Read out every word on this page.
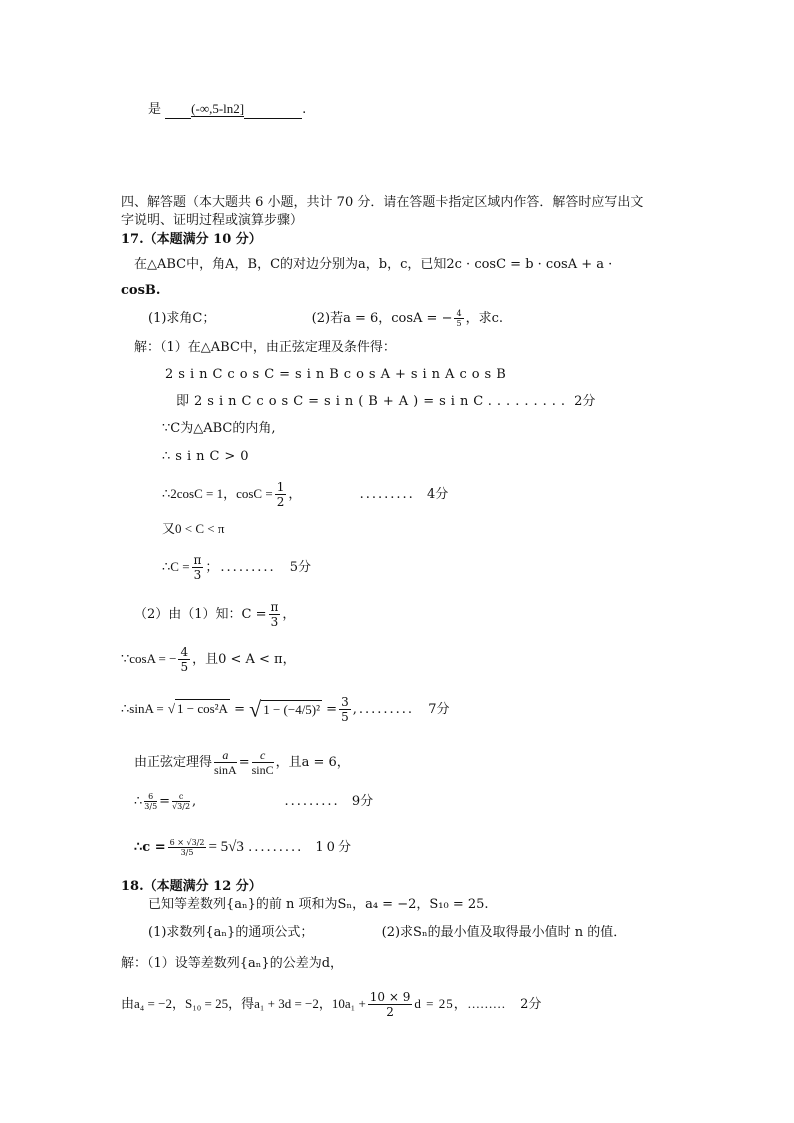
是 (-∞,5-ln2]	.
四、解答题（本大题共 6 小题，共计 70 分．请在答题卡指定区域内作答．解答时应写出文
字说明、证明过程或演算步骤）
17.（本题满分 10 分）
在△ABC中，角A，B，C的对边分别为a，b，c，已知2c · cosC = b · cosA + a ·
cosB.
(1)求角C；	(2)若a = 6，cosA = − $\frac{4}{5}$ ，求c.
解：（1）在△ABC中，由正弦定理及条件得：
2sinCcosC=sinBcosA+sinAcosB
即2sinCcosC=sin(B+A)=sinC......... 2分
∵C为△ABC的内角,
∴sinC>0
∴2cosC = 1，$\cos C = \frac{1}{2}$ ，	......... 4分
又0 < C < π
∴C = $\frac{\pi}{3}$ ；......... 5分
（2）由（1）知：$C = \frac{\pi}{3}$ ，
∵cosA = − $\frac{4}{5}$ ，且0 < A < π，
∴sinA = √ 1 − cos²A = √ $1 - (-4/5)^2 = \frac{3}{5}$ ,......... 7分
由正弦定理得 $\frac{a}{\sin A} = \frac{c}{\sin C}$ ，且a = 6，
∴ $\frac{6}{3/5} = \frac{c}{√3/2}$ ,	......... 9分
∴c = $\frac{6 \times √3/2}{3/5} = 5√3$ ......... 10分
18.（本题满分 12 分）
已知等差数列{aₙ}的前 n 项和为Sₙ，a₄ = −2，S₁₀ = 25.
(1)求数列{aₙ}的通项公式；	(2)求Sₙ的最小值及取得最小值时 n 的值．
解：（1）设等差数列{aₙ}的公差为d，
由a₄ = −2，S₁₀ = 25，得a₁ + 3d = −2，$10a_1 + \frac{10 \times 9}{2}$ d = 25，......... 2分
